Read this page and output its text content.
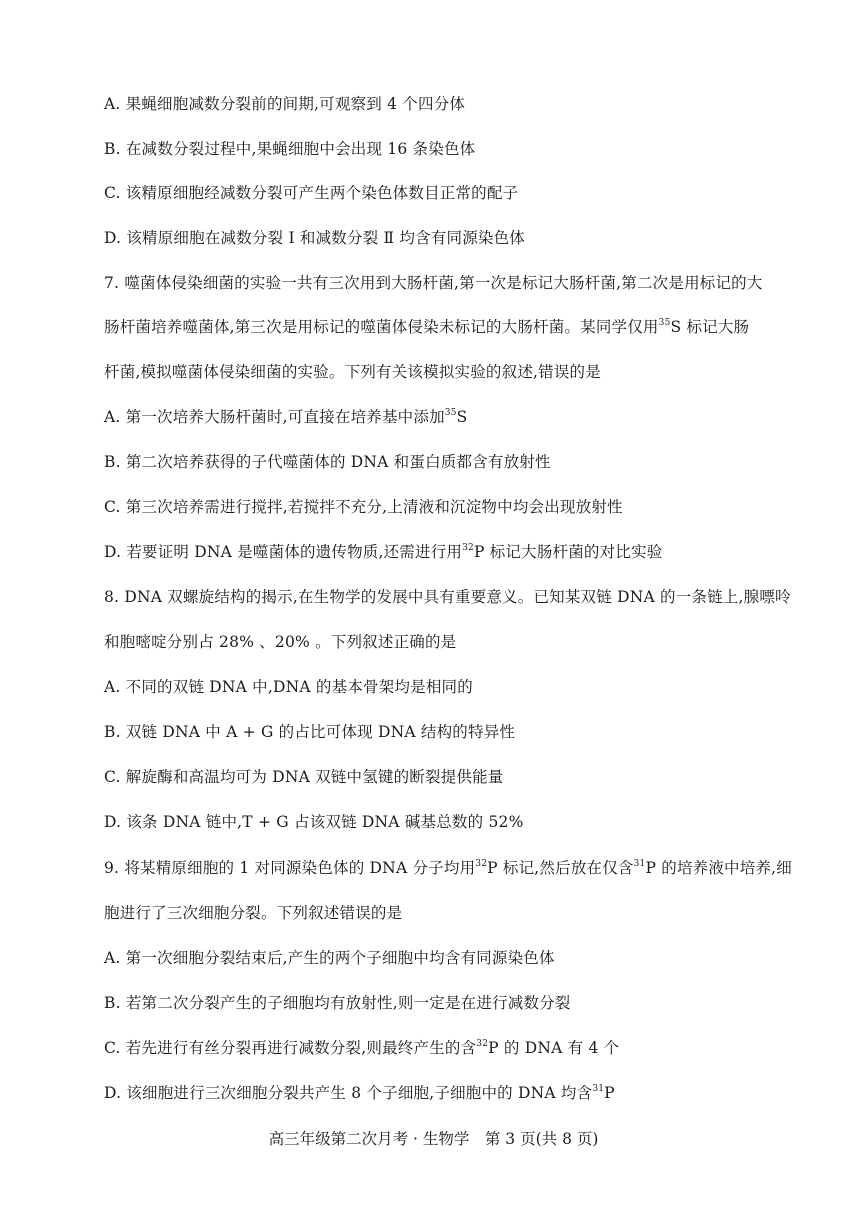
A. 果蝇细胞减数分裂前的间期,可观察到 4 个四分体
B. 在减数分裂过程中,果蝇细胞中会出现 16 条染色体
C. 该精原细胞经减数分裂可产生两个染色体数目正常的配子
D. 该精原细胞在减数分裂 Ⅰ 和减数分裂 Ⅱ 均含有同源染色体
7. 噬菌体侵染细菌的实验一共有三次用到大肠杆菌,第一次是标记大肠杆菌,第二次是用标记的大
肠杆菌培养噬菌体,第三次是用标记的噬菌体侵染未标记的大肠杆菌。某同学仅用$^{35}$S 标记大肠
杆菌,模拟噬菌体侵染细菌的实验。下列有关该模拟实验的叙述,错误的是
A. 第一次培养大肠杆菌时,可直接在培养基中添加$^{35}$S
B. 第二次培养获得的子代噬菌体的 DNA 和蛋白质都含有放射性
C. 第三次培养需进行搅拌,若搅拌不充分,上清液和沉淀物中均会出现放射性
D. 若要证明 DNA 是噬菌体的遗传物质,还需进行用$^{32}$P 标记大肠杆菌的对比实验
8. DNA 双螺旋结构的揭示,在生物学的发展中具有重要意义。已知某双链 DNA 的一条链上,腺嘌呤
和胞嘧啶分别占 28% 、20% 。下列叙述正确的是
A. 不同的双链 DNA 中,DNA 的基本骨架均是相同的
B. 双链 DNA 中 A + G 的占比可体现 DNA 结构的特异性
C. 解旋酶和高温均可为 DNA 双链中氢键的断裂提供能量
D. 该条 DNA 链中,T + G 占该双链 DNA 碱基总数的 52%
9. 将某精原细胞的 1 对同源染色体的 DNA 分子均用$^{32}$P 标记,然后放在仅含$^{31}$P 的培养液中培养,细
胞进行了三次细胞分裂。下列叙述错误的是
A. 第一次细胞分裂结束后,产生的两个子细胞中均含有同源染色体
B. 若第二次分裂产生的子细胞均有放射性,则一定是在进行减数分裂
C. 若先进行有丝分裂再进行减数分裂,则最终产生的含$^{32}$P 的 DNA 有 4 个
D. 该细胞进行三次细胞分裂共产生 8 个子细胞,子细胞中的 DNA 均含$^{31}$P
高三年级第二次月考 · 生物学　第 3 页(共 8 页)
